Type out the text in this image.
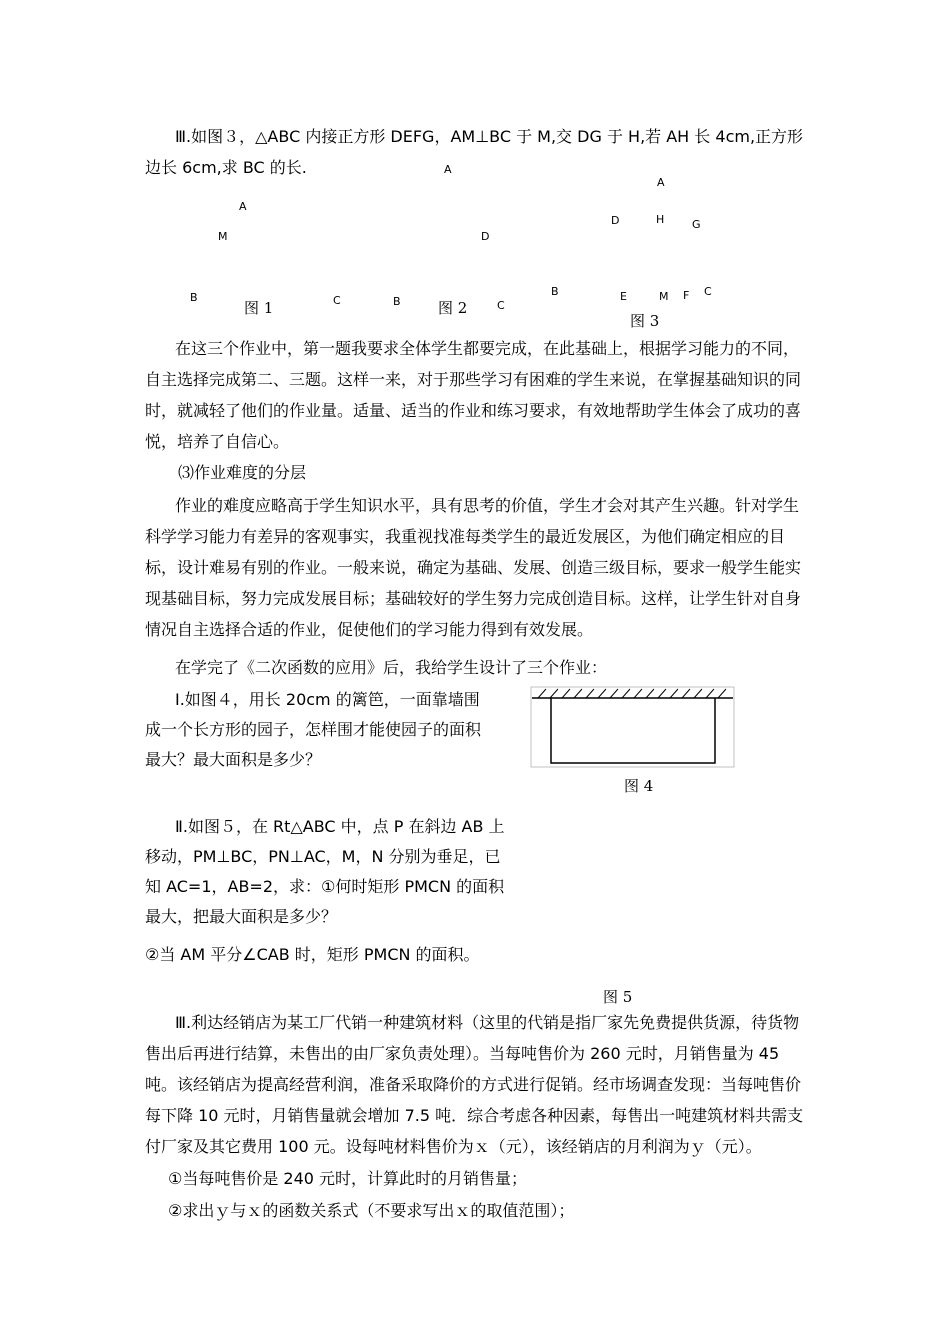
Ⅲ.如图３，△ABC 内接正方形 DEFG，AM⊥BC 于 M,交 DG 于 H,若 AH 长 4cm,正方形边长 6cm,求 BC 的长.

A
M
B
图 1	C
A
D
B 图 2	C
A
D	H	G
B	E	M F C
图 3

在这三个作业中，第一题我要求全体学生都要完成，在此基础上，根据学习能力的不同，自主选择完成第二、三题。这样一来，对于那些学习有困难的学生来说，在掌握基础知识的同时，就减轻了他们的作业量。适量、适当的作业和练习要求，有效地帮助学生体会了成功的喜悦，培养了自信心。

⑶作业难度的分层

作业的难度应略高于学生知识水平，具有思考的价值，学生才会对其产生兴趣。针对学生科学学习能力有差异的客观事实，我重视找准每类学生的最近发展区，为他们确定相应的目标，设计难易有别的作业。一般来说，确定为基础、发展、创造三级目标，要求一般学生能实现基础目标，努力完成发展目标；基础较好的学生努力完成创造目标。这样，让学生针对自身情况自主选择合适的作业，促使他们的学习能力得到有效发展。

在学完了《二次函数的应用》后，我给学生设计了三个作业：

Ⅰ.如图４，用长 20cm 的篱笆，一面靠墙围成一个长方形的园子，怎样围才能使园子的面积最大？最大面积是多少？

图 4

Ⅱ.如图５，在 Rt△ABC 中，点 P 在斜边 AB 上移动，PM⊥BC，PN⊥AC，M，N 分别为垂足，已知 AC=1，AB=2，求：①何时矩形 PMCN 的面积最大，把最大面积是多少？

②当 AM 平分∠CAB 时，矩形 PMCN 的面积。

图 5

Ⅲ.利达经销店为某工厂代销一种建筑材料（这里的代销是指厂家先免费提供货源，待货物售出后再进行结算，未售出的由厂家负责处理）。当每吨售价为 260 元时，月销售量为 45 吨。该经销店为提高经营利润，准备采取降价的方式进行促销。经市场调查发现：当每吨售价每下降 10 元时，月销售量就会增加 7.5 吨．综合考虑各种因素，每售出一吨建筑材料共需支付厂家及其它费用 100 元。设每吨材料售价为ｘ（元），该经销店的月利润为ｙ（元）。

①当每吨售价是 240 元时，计算此时的月销售量；

②求出ｙ与ｘ的函数关系式（不要求写出ｘ的取值范围）；
